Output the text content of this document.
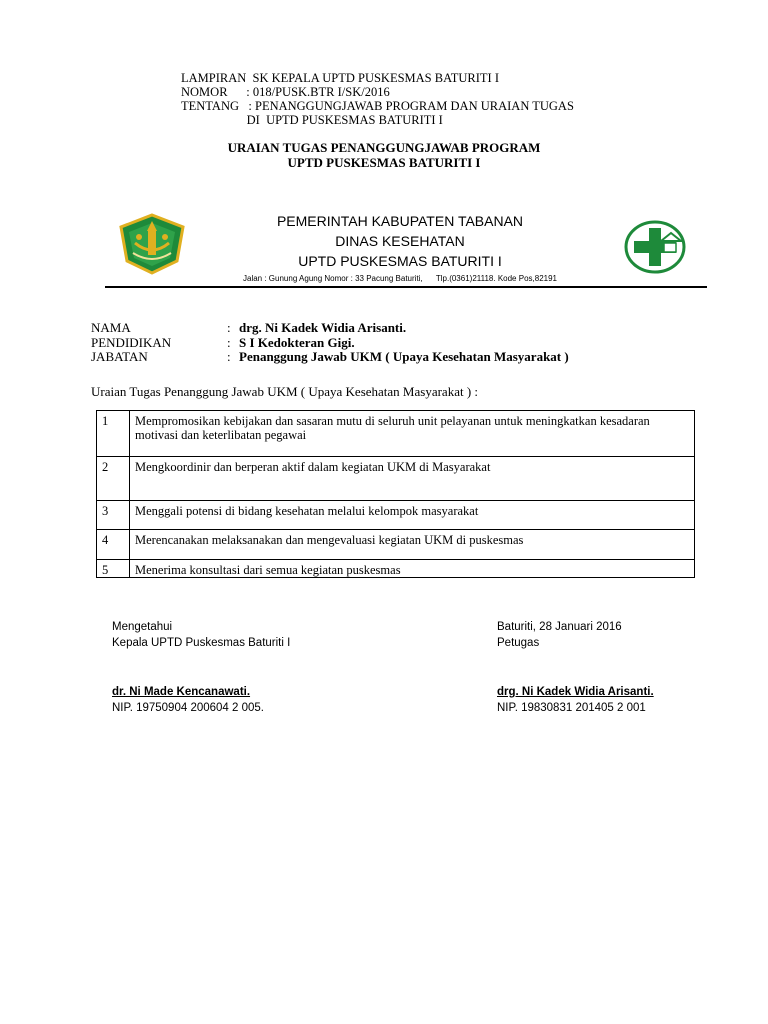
LAMPIRAN  SK KEPALA UPTD PUSKESMAS BATURITI I
NOMOR      : 018/PUSK.BTR I/SK/2016
TENTANG   : PENANGGUNGJAWAB PROGRAM DAN URAIAN TUGAS
DI  UPTD PUSKESMAS BATURITI I
URAIAN TUGAS PENANGGUNGJAWAB PROGRAM
UPTD PUSKESMAS BATURITI I
PEMERINTAH KABUPATEN TABANAN
DINAS KESEHATAN
UPTD PUSKESMAS BATURITI I
Jalan : Gunung Agung Nomor : 33 Pacung Baturiti,      Tlp.(0361)21118. Kode Pos,82191
NAMA	: drg. Ni Kadek Widia Arisanti.
PENDIDIKAN	: S I Kedokteran Gigi.
JABATAN	: Penanggung Jawab UKM ( Upaya Kesehatan Masyarakat )
Uraian Tugas Penanggung Jawab UKM ( Upaya Kesehatan Masyarakat ) :
1	Mempromosikan kebijakan dan sasaran mutu di seluruh unit pelayanan untuk meningkatkan kesadaran motivasi dan keterlibatan pegawai
2	Mengkoordinir dan berperan aktif dalam kegiatan UKM di Masyarakat
3	Menggali potensi di bidang kesehatan melalui kelompok masyarakat
4	Merencanakan melaksanakan dan mengevaluasi kegiatan UKM di puskesmas
5	Menerima konsultasi dari semua kegiatan puskesmas
Mengetahui
Kepala UPTD Puskesmas Baturiti I
dr. Ni Made Kencanawati.
NIP. 19750904 200604 2 005.
Baturiti, 28 Januari 2016
Petugas
drg. Ni Kadek Widia Arisanti.
NIP. 19830831 201405 2 001
